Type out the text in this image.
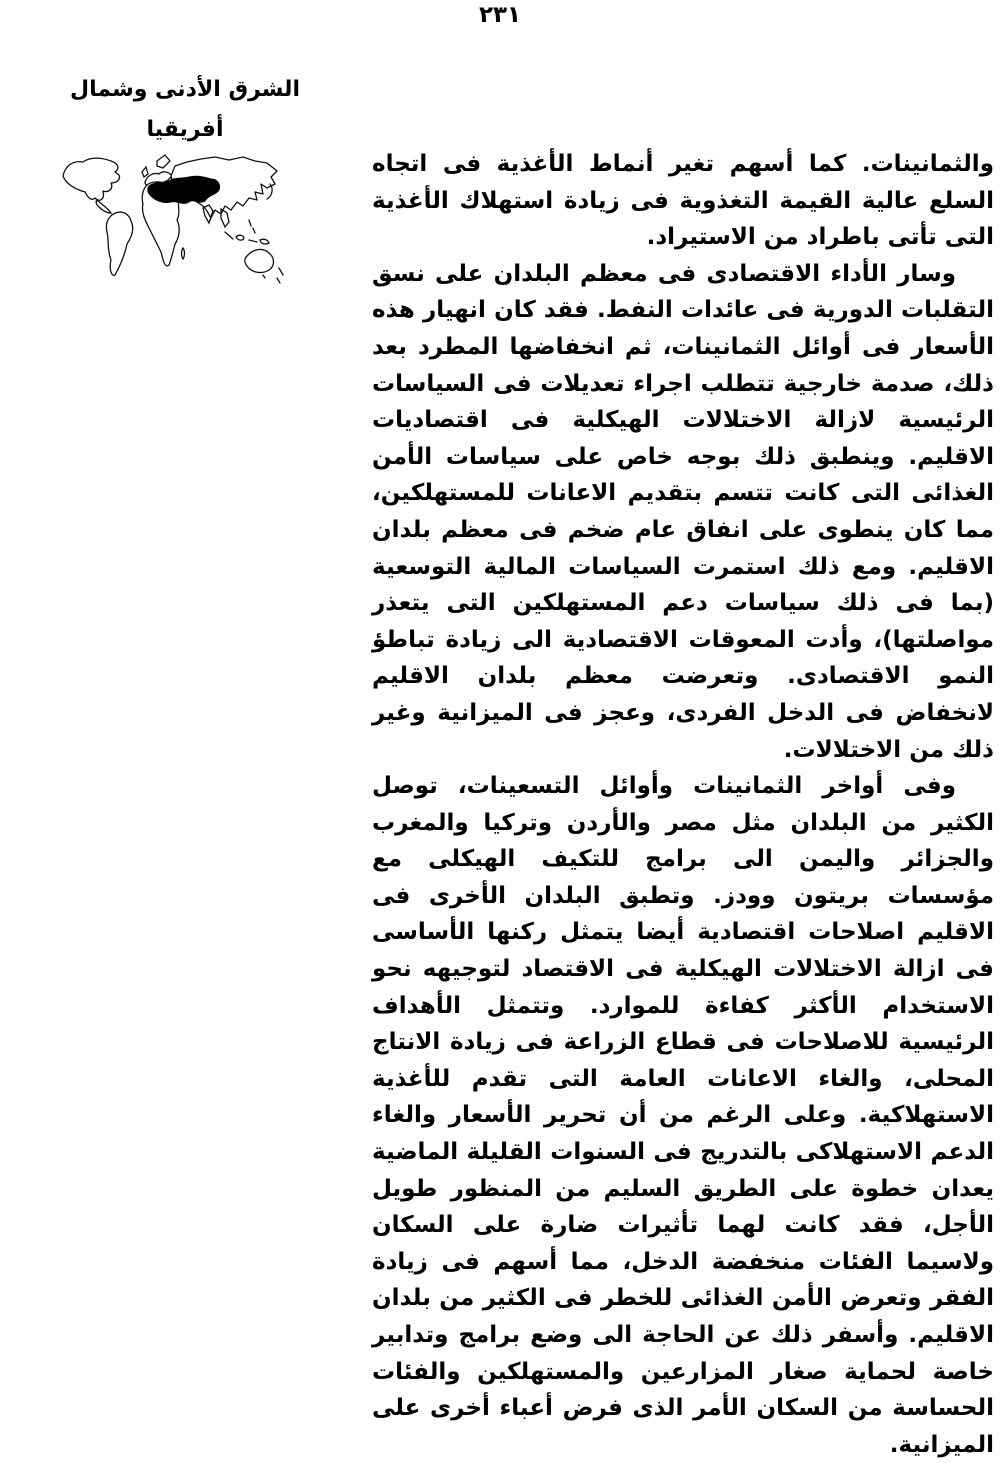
٢٣١
الشرق الأدنى وشمال
أفريقيا

والثمانينات. كما أسهم تغير أنماط الأغذية فى اتجاه السلع عالية القيمة التغذوية فى زيادة استهلاك الأغذية التى تأتى باطراد من الاستيراد.

وسار الأداء الاقتصادى فى معظم البلدان على نسق التقلبات الدورية فى عائدات النفط. فقد كان انهيار هذه الأسعار فى أوائل الثمانينات، ثم انخفاضها المطرد بعد ذلك، صدمة خارجية تتطلب اجراء تعديلات فى السياسات الرئيسية لازالة الاختلالات الهيكلية فى اقتصاديات الاقليم. وينطبق ذلك بوجه خاص على سياسات الأمن الغذائى التى كانت تتسم بتقديم الاعانات للمستهلكين، مما كان ينطوى على انفاق عام ضخم فى معظم بلدان الاقليم. ومع ذلك استمرت السياسات المالية التوسعية (بما فى ذلك سياسات دعم المستهلكين التى يتعذر مواصلتها)، وأدت المعوقات الاقتصادية الى زيادة تباطؤ النمو الاقتصادى. وتعرضت معظم بلدان الاقليم لانخفاض فى الدخل الفردى، وعجز فى الميزانية وغير ذلك من الاختلالات.

وفى أواخر الثمانينات وأوائل التسعينات، توصل الكثير من البلدان مثل مصر والأردن وتركيا والمغرب والجزائر واليمن الى برامج للتكيف الهيكلى مع مؤسسات بريتون وودز. وتطبق البلدان الأخرى فى الاقليم اصلاحات اقتصادية أيضا يتمثل ركنها الأساسى فى ازالة الاختلالات الهيكلية فى الاقتصاد لتوجيهه نحو الاستخدام الأكثر كفاءة للموارد. وتتمثل الأهداف الرئيسية للاصلاحات فى قطاع الزراعة فى زيادة الانتاج المحلى، والغاء الاعانات العامة التى تقدم للأغذية الاستهلاكية. وعلى الرغم من أن تحرير الأسعار والغاء الدعم الاستهلاكى بالتدريج فى السنوات القليلة الماضية يعدان خطوة على الطريق السليم من المنظور طويل الأجل، فقد كانت لهما تأثيرات ضارة على السكان ولاسيما الفئات منخفضة الدخل، مما أسهم فى زيادة الفقر وتعرض الأمن الغذائى للخطر فى الكثير من بلدان الاقليم. وأسفر ذلك عن الحاجة الى وضع برامج وتدابير خاصة لحماية صغار المزارعين والمستهلكين والفئات الحساسة من السكان الأمر الذى فرض أعباء أخرى على الميزانية.
